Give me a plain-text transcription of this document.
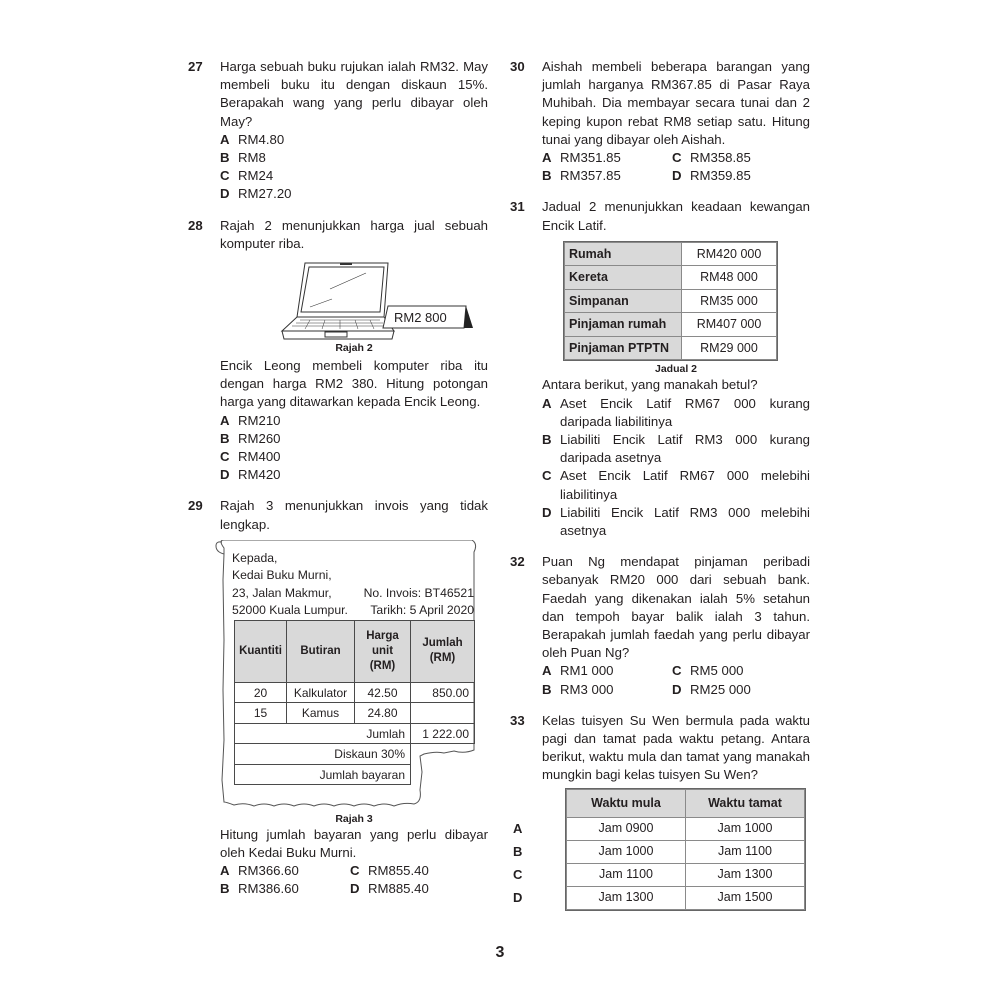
27 Harga sebuah buku rujukan ialah RM32. May membeli buku itu dengan diskaun 15%. Berapakah wang yang perlu dibayar oleh May?
A RM4.80
B RM8
C RM24
D RM27.20
28 Rajah 2 menunjukkan harga jual sebuah komputer riba.
RM2 800
Rajah 2
Encik Leong membeli komputer riba itu dengan harga RM2 380. Hitung potongan harga yang ditawarkan kepada Encik Leong.
A RM210
B RM260
C RM400
D RM420
29 Rajah 3 menunjukkan invois yang tidak lengkap.
Kepada,
Kedai Buku Murni,
23, Jalan Makmur,	No. Invois: BT46521
52000 Kuala Lumpur. Tarikh: 5 April 2020
Kuantiti	Butiran	Harga unit (RM)	Jumlah (RM)
20	Kalkulator	42.50	850.00
15	Kamus	24.80	
Jumlah			1 222.00
Diskaun 30%			
Jumlah bayaran			
Rajah 3
Hitung jumlah bayaran yang perlu dibayar oleh Kedai Buku Murni.
A RM366.60	C RM855.40
B RM386.60	D RM885.40
30 Aishah membeli beberapa barangan yang jumlah harganya RM367.85 di Pasar Raya Muhibah. Dia membayar secara tunai dan 2 keping kupon rebat RM8 setiap satu. Hitung tunai yang dibayar oleh Aishah.
A RM351.85	C RM358.85
B RM357.85	D RM359.85
31 Jadual 2 menunjukkan keadaan kewangan Encik Latif.
Rumah	RM420 000
Kereta	RM48 000
Simpanan	RM35 000
Pinjaman rumah	RM407 000
Pinjaman PTPTN	RM29 000
Jadual 2
Antara berikut, yang manakah betul?
A Aset Encik Latif RM67 000 kurang daripada liabilitinya
B Liabiliti Encik Latif RM3 000 kurang daripada asetnya
C Aset Encik Latif RM67 000 melebihi liabilitinya
D Liabiliti Encik Latif RM3 000 melebihi asetnya
32 Puan Ng mendapat pinjaman peribadi sebanyak RM20 000 dari sebuah bank. Faedah yang dikenakan ialah 5% setahun dan tempoh bayar balik ialah 3 tahun. Berapakah jumlah faedah yang perlu dibayar oleh Puan Ng?
A RM1 000	C RM5 000
B RM3 000	D RM25 000
33 Kelas tuisyen Su Wen bermula pada waktu pagi dan tamat pada waktu petang. Antara berikut, waktu mula dan tamat yang manakah mungkin bagi kelas tuisyen Su Wen?
A
B
C
D
Waktu mula	Waktu tamat
Jam 0900	Jam 1000
Jam 1000	Jam 1100
Jam 1100	Jam 1300
Jam 1300	Jam 1500
3
